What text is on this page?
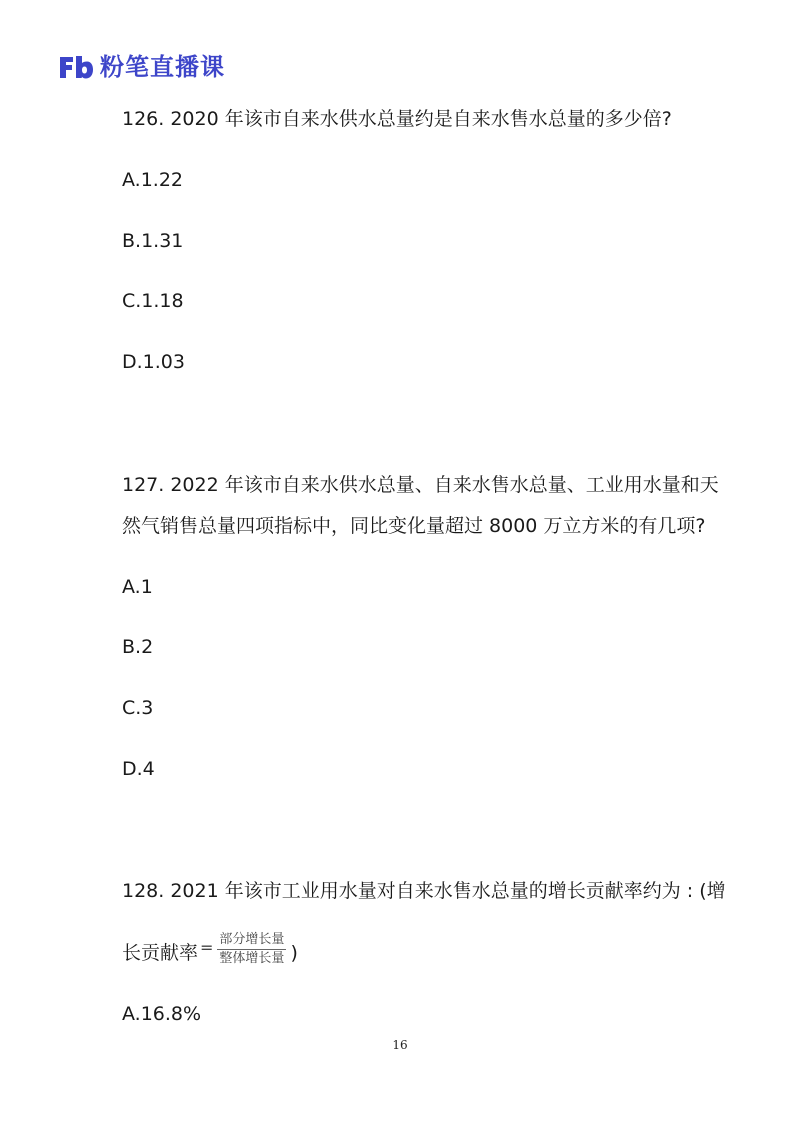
粉笔直播课
126. 2020 年该市自来水供水总量约是自来水售水总量的多少倍?
A.1.22
B.1.31
C.1.18
D.1.03
127. 2022 年该市自来水供水总量、自来水售水总量、工业用水量和天
然气销售总量四项指标中，同比变化量超过 8000 万立方米的有几项?
A.1
B.2
C.3
D.4
128. 2021 年该市工业用水量对自来水售水总量的增长贡献率约为 : (增
长贡献率 $^= \frac{\text{部分增长量}}{\text{整体增长量}}$ )
A.16.8%
16
